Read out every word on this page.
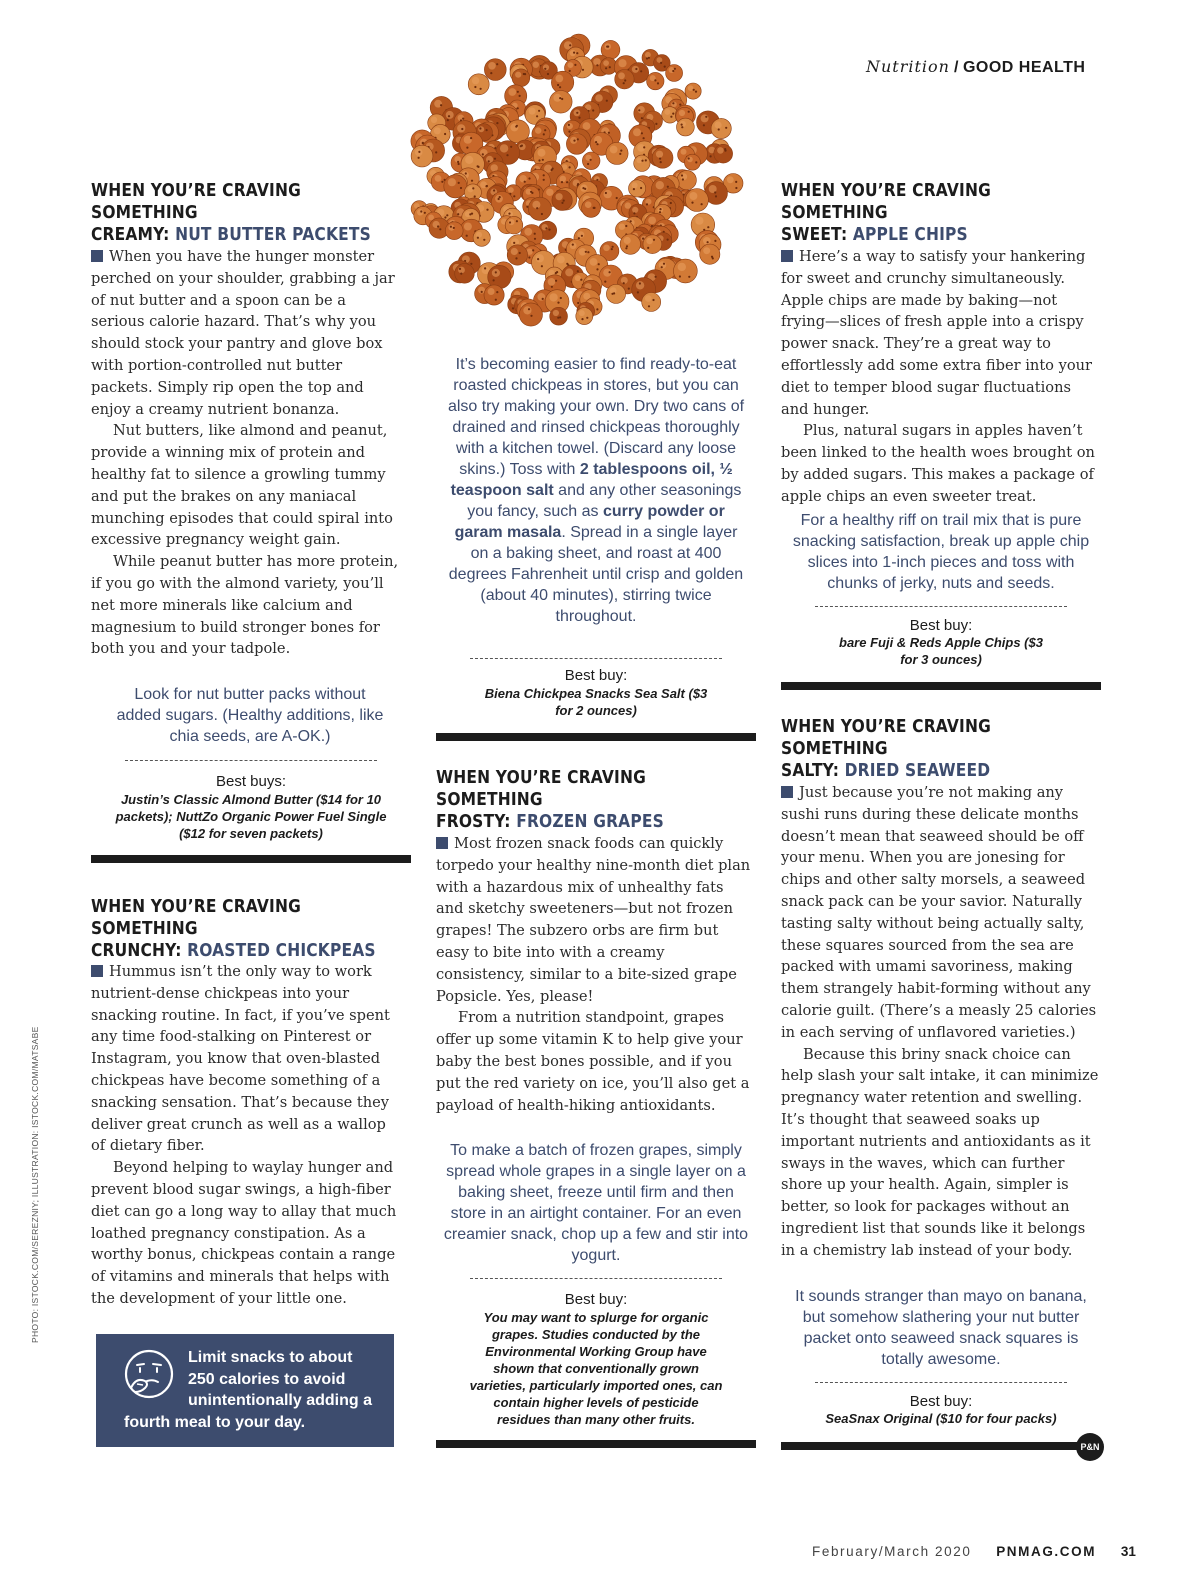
Nutrition / GOOD HEALTH
WHEN YOU’RE CRAVING SOMETHING
CREAMY: NUT BUTTER PACKETS

When you have the hunger monster perched on your shoulder, grabbing a jar of nut butter and a spoon can be a serious calorie hazard. That’s why you should stock your pantry and glove box with portion-controlled nut butter packets. Simply rip open the top and enjoy a creamy nutrient bonanza.

Nut butters, like almond and peanut, provide a winning mix of protein and healthy fat to silence a growling tummy and put the brakes on any maniacal munching episodes that could spiral into excessive pregnancy weight gain.

While peanut butter has more protein, if you go with the almond variety, you’ll net more minerals like calcium and magnesium to build stronger bones for both you and your tadpole.

Look for nut butter packs without added sugars. (Healthy additions, like chia seeds, are A-OK.)
Best buys:
Justin’s Classic Almond Butter ($14 for 10 packets); NuttZo Organic Power Fuel Single ($12 for seven packets)
WHEN YOU’RE CRAVING SOMETHING
CRUNCHY: ROASTED CHICKPEAS

Hummus isn’t the only way to work nutrient-dense chickpeas into your snacking routine. In fact, if you’ve spent any time food-stalking on Pinterest or Instagram, you know that oven-blasted chickpeas have become something of a snacking sensation. That’s because they deliver great crunch as well as a wallop of dietary fiber.

Beyond helping to waylay hunger and prevent blood sugar swings, a high-fiber diet can go a long way to allay that much loathed pregnancy constipation. As a worthy bonus, chickpeas contain a range of vitamins and minerals that helps with the development of your little one.

Limit snacks to about 250 calories to avoid unintentionally adding a fourth meal to your day.
It’s becoming easier to find ready-to-eat roasted chickpeas in stores, but you can also try making your own. Dry two cans of drained and rinsed chickpeas thoroughly with a kitchen towel. (Discard any loose skins.) Toss with 2 tablespoons oil, ½ teaspoon salt and any other seasonings you fancy, such as curry powder or garam masala. Spread in a single layer on a baking sheet, and roast at 400 degrees Fahrenheit until crisp and golden (about 40 minutes), stirring twice throughout.
Best buy:
Biena Chickpea Snacks Sea Salt ($3 for 2 ounces)
WHEN YOU’RE CRAVING SOMETHING
FROSTY: FROZEN GRAPES

Most frozen snack foods can quickly torpedo your healthy nine-month diet plan with a hazardous mix of unhealthy fats and sketchy sweeteners—but not frozen grapes! The subzero orbs are firm but easy to bite into with a creamy consistency, similar to a bite-sized grape Popsicle. Yes, please!

From a nutrition standpoint, grapes offer up some vitamin K to help give your baby the best bones possible, and if you put the red variety on ice, you’ll also get a payload of health-hiking antioxidants.

To make a batch of frozen grapes, simply spread whole grapes in a single layer on a baking sheet, freeze until firm and then store in an airtight container. For an even creamier snack, chop up a few and stir into yogurt.
Best buy:
You may want to splurge for organic grapes. Studies conducted by the Environmental Working Group have shown that conventionally grown varieties, particularly imported ones, can contain higher levels of pesticide residues than many other fruits.
WHEN YOU’RE CRAVING SOMETHING
SWEET: APPLE CHIPS

Here’s a way to satisfy your hankering for sweet and crunchy simultaneously. Apple chips are made by baking—not frying—slices of fresh apple into a crispy power snack. They’re a great way to effortlessly add some extra fiber into your diet to temper blood sugar fluctuations and hunger.

Plus, natural sugars in apples haven’t been linked to the health woes brought on by added sugars. This makes a package of apple chips an even sweeter treat.

For a healthy riff on trail mix that is pure snacking satisfaction, break up apple chip slices into 1-inch pieces and toss with chunks of jerky, nuts and seeds.
Best buy:
bare Fuji & Reds Apple Chips ($3 for 3 ounces)
WHEN YOU’RE CRAVING SOMETHING
SALTY: DRIED SEAWEED

Just because you’re not making any sushi runs during these delicate months doesn’t mean that seaweed should be off your menu. When you are jonesing for chips and other salty morsels, a seaweed snack pack can be your savior. Naturally tasting salty without being actually salty, these squares sourced from the sea are packed with umami savoriness, making them strangely habit-forming without any calorie guilt. (There’s a measly 25 calories in each serving of unflavored varieties.)

Because this briny snack choice can help slash your salt intake, it can minimize pregnancy water retention and swelling. It’s thought that seaweed soaks up important nutrients and antioxidants as it sways in the waves, which can further shore up your health. Again, simpler is better, so look for packages without an ingredient list that sounds like it belongs in a chemistry lab instead of your body.

It sounds stranger than mayo on banana, but somehow slathering your nut butter packet onto seaweed snack squares is totally awesome.
Best buy:
SeaSnax Original ($10 for four packs)
P&N
PHOTO: ISTOCK.COM/SEREZNIY; ILLUSTRATION: ISTOCK.COM/MATSABE
February/March 2020 PNMAG.COM 31
